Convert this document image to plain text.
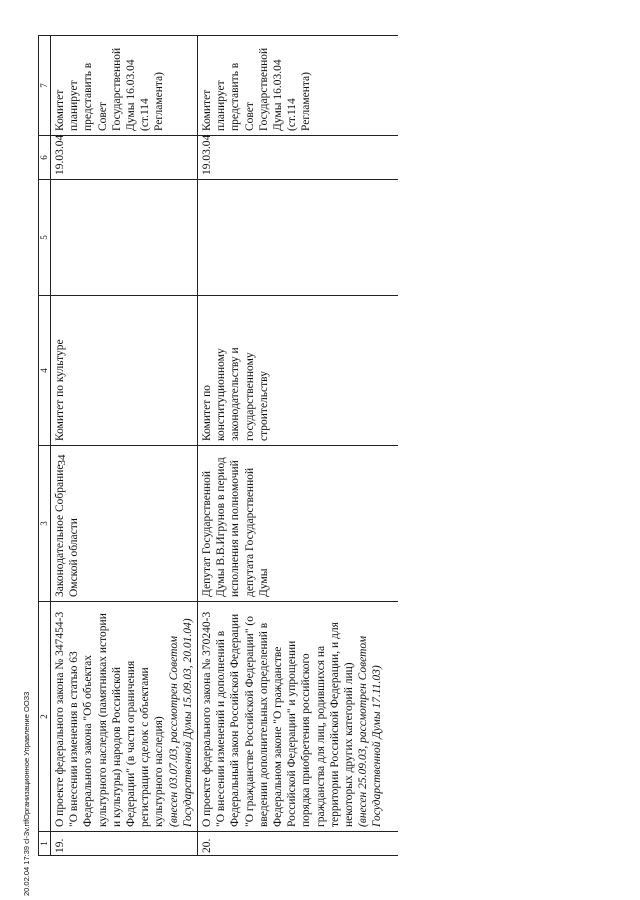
34
1	2	3	4	5	6	7
19.	О проекте федерального закона № 347454-3 "О внесении изменения в статью 63 Федерального закона "Об объектах культурного наследия (памятниках истории и культуры) народов Российской Федерации" (в части ограничения регистрации сделок с объектами культурного наследия) (внесен 03.07.03, рассмотрен Советом Государственной Думы 15.09.03, 20.01.04)	Законодательное Собрание Омской области	Комитет по культуре		19.03.04	Комитет планирует представить в Совет Государственной Думы 16.03.04 (ст.114 Регламента)
20.	О проекте федерального закона № 370240-3 "О внесении изменений и дополнений в Федеральный закон Российской Федерации "О гражданстве Российской Федерации" (о введении дополнительных определений в Федеральном законе "О гражданстве Российской Федерации" и упрощении порядка приобретения российского гражданства для лиц, родившихся на территории Российской Федерации, и для некоторых других категорий лиц) (внесен 25.09.03, рассмотрен Советом Государственной Думы 17.11.03)	Депутат Государственной Думы В.В.Игрунов в период исполнения им полномочий депутата Государственной Думы	Комитет по конституционному законодательству и государственному строительству		19.03.04	Комитет планирует представить в Совет Государственной Думы 16.03.04 (ст.114 Регламента)
20.02.04 17:39 сl-3v.rtfОрганизационное Управление ООЗ3
